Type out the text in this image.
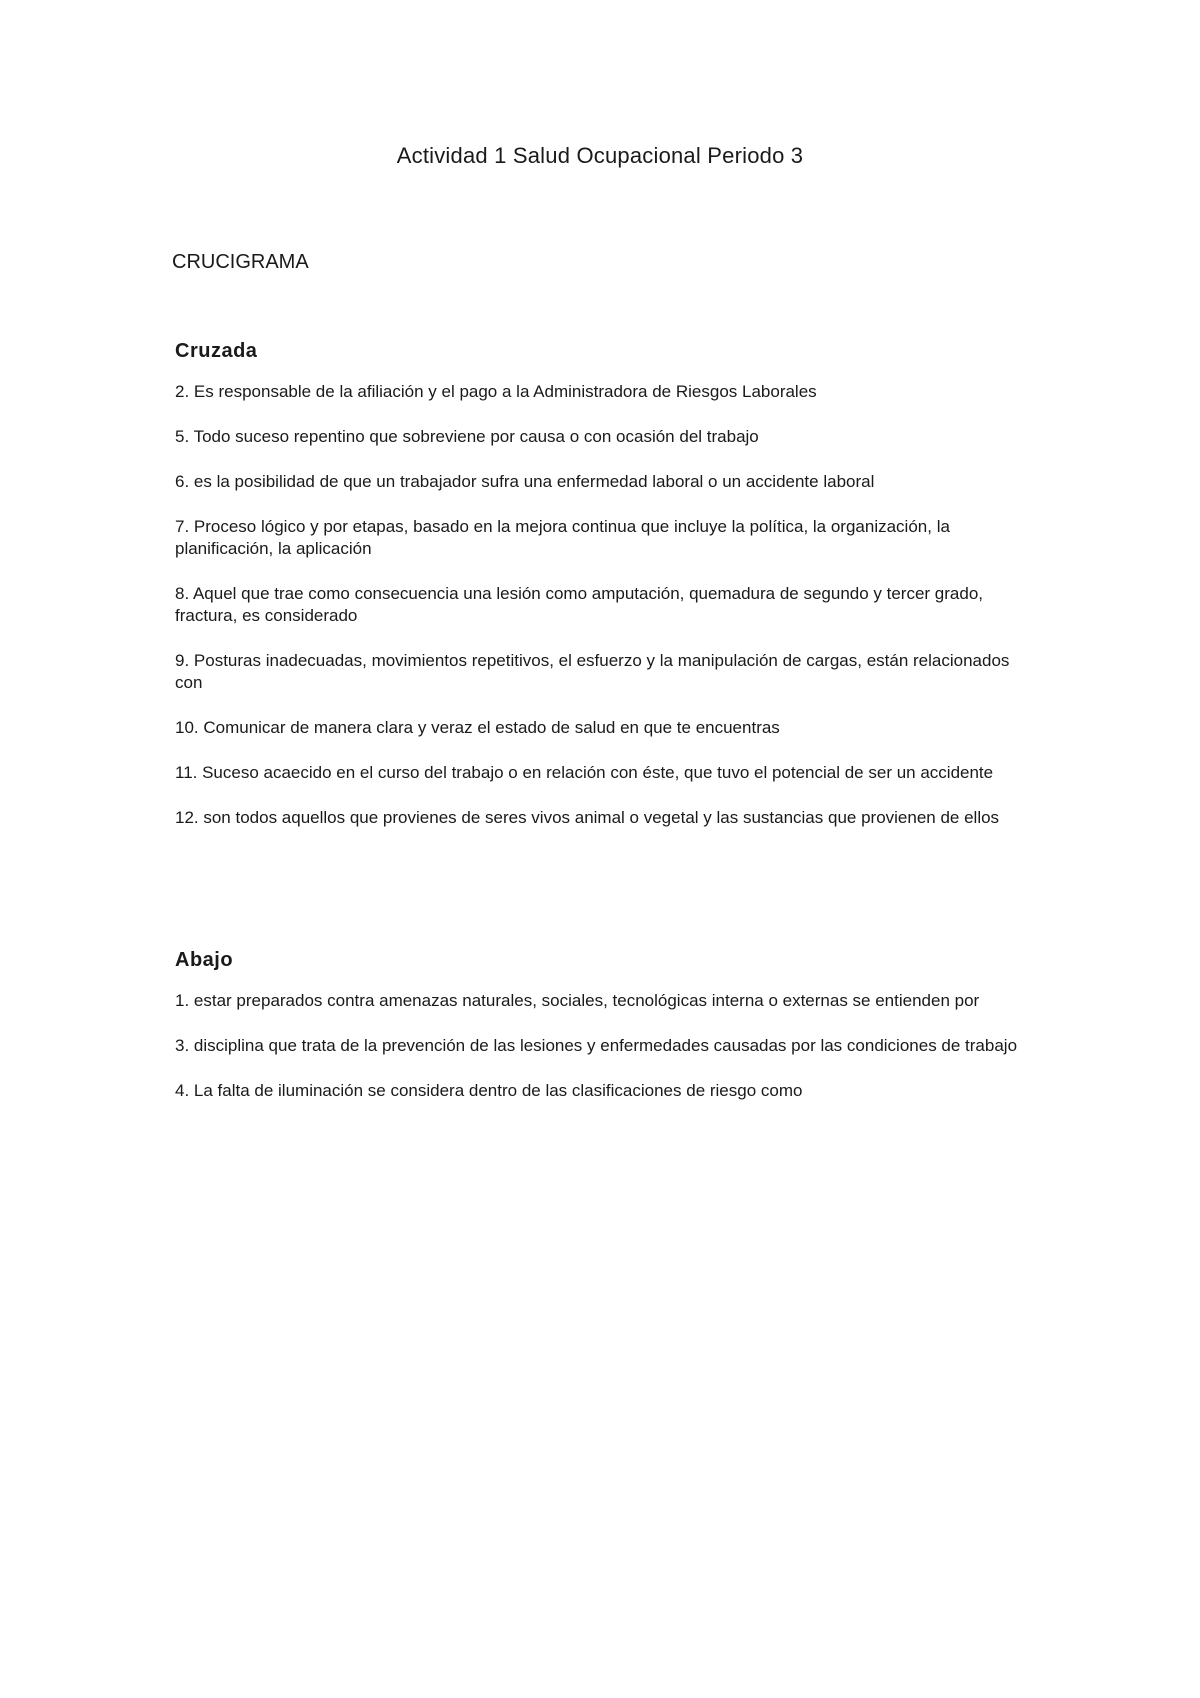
Actividad 1 Salud Ocupacional Periodo 3
CRUCIGRAMA
Cruzada
2. Es responsable de la afiliación y el pago a la Administradora de Riesgos Laborales
5. Todo suceso repentino que sobreviene por causa o con ocasión del trabajo
6. es la posibilidad de que un trabajador sufra una enfermedad laboral o un accidente laboral
7. Proceso lógico y por etapas, basado en la mejora continua que incluye la política, la organización, la planificación, la aplicación
8. Aquel que trae como consecuencia una lesión como amputación, quemadura de segundo y tercer grado, fractura, es considerado
9. Posturas inadecuadas, movimientos repetitivos, el esfuerzo y la manipulación de cargas, están relacionados con
10. Comunicar de manera clara y veraz el estado de salud en que te encuentras
11. Suceso acaecido en el curso del trabajo o en relación con éste, que tuvo el potencial de ser un accidente
12. son todos aquellos que provienes de seres vivos animal o vegetal y las sustancias que provienen de ellos
Abajo
1. estar preparados contra amenazas naturales, sociales, tecnológicas interna o externas se entienden por
3. disciplina que trata de la prevención de las lesiones y enfermedades causadas por las condiciones de trabajo
4. La falta de iluminación se considera dentro de las clasificaciones de riesgo como
